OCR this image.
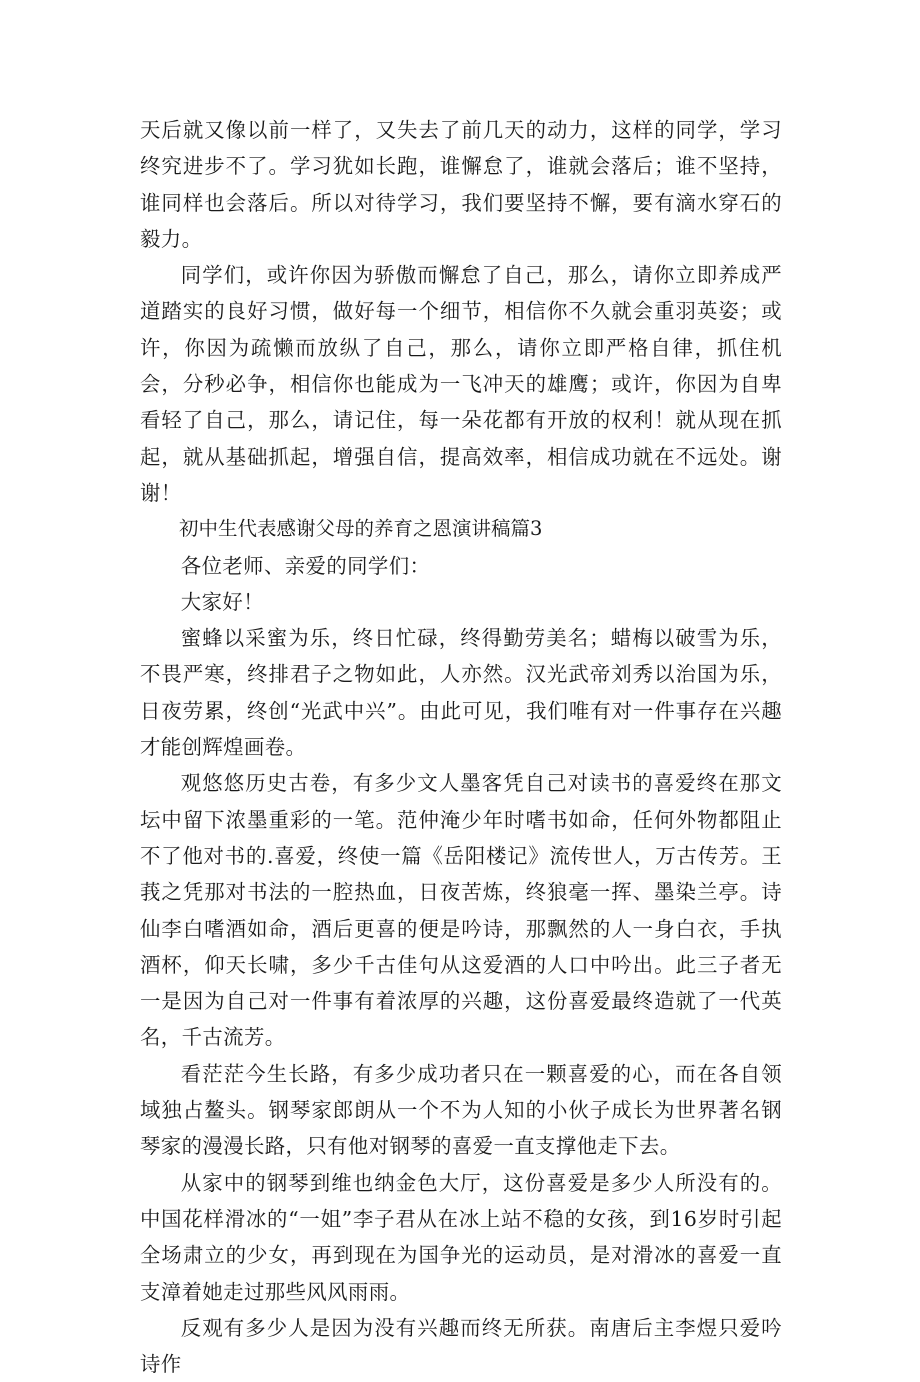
天后就又像以前一样了，又失去了前几天的动力，这样的同学，学习终究进步不了。学习犹如长跑，谁懈怠了，谁就会落后；谁不坚持，谁同样也会落后。所以对待学习，我们要坚持不懈，要有滴水穿石的毅力。

同学们，或许你因为骄傲而懈怠了自己，那么，请你立即养成严道踏实的良好习惯，做好每一个细节，相信你不久就会重羽英姿；或许，你因为疏懒而放纵了自己，那么，请你立即严格自律，抓住机会，分秒必争，相信你也能成为一飞冲天的雄鹰；或许，你因为自卑看轻了自己，那么，请记住，每一朵花都有开放的权利！就从现在抓起，就从基础抓起，增强自信，提高效率，相信成功就在不远处。谢谢！

初中生代表感谢父母的养育之恩演讲稿篇3

各位老师、亲爱的同学们：

大家好！

蜜蜂以采蜜为乐，终日忙碌，终得勤劳美名；蜡梅以破雪为乐，不畏严寒，终排君子之物如此，人亦然。汉光武帝刘秀以治国为乐，日夜劳累，终创“光武中兴”。由此可见，我们唯有对一件事存在兴趣才能创辉煌画卷。

观悠悠历史古卷，有多少文人墨客凭自己对读书的喜爱终在那文坛中留下浓墨重彩的一笔。范仲淹少年时嗜书如命，任何外物都阻止不了他对书的.喜爱，终使一篇《岳阳楼记》流传世人，万古传芳。王莪之凭那对书法的一腔热血，日夜苦炼，终狼毫一挥、墨染兰亭。诗仙李白嗜酒如命，酒后更喜的便是吟诗，那飘然的人一身白衣，手执酒杯，仰天长啸，多少千古佳句从这爱酒的人口中吟出。此三子者无一是因为自己对一件事有着浓厚的兴趣，这份喜爱最终造就了一代英名，千古流芳。

看茫茫今生长路，有多少成功者只在一颗喜爱的心，而在各自领域独占鳌头。钢琴家郎朗从一个不为人知的小伙子成长为世界著名钢琴家的漫漫长路，只有他对钢琴的喜爱一直支撑他走下去。

从家中的钢琴到维也纳金色大厅，这份喜爱是多少人所没有的。中国花样滑冰的“一姐”李子君从在冰上站不稳的女孩，到16岁时引起全场肃立的少女，再到现在为国争光的运动员，是对滑冰的喜爱一直支漳着她走过那些风风雨雨。

反观有多少人是因为没有兴趣而终无所获。南唐后主李煜只爱吟诗作
